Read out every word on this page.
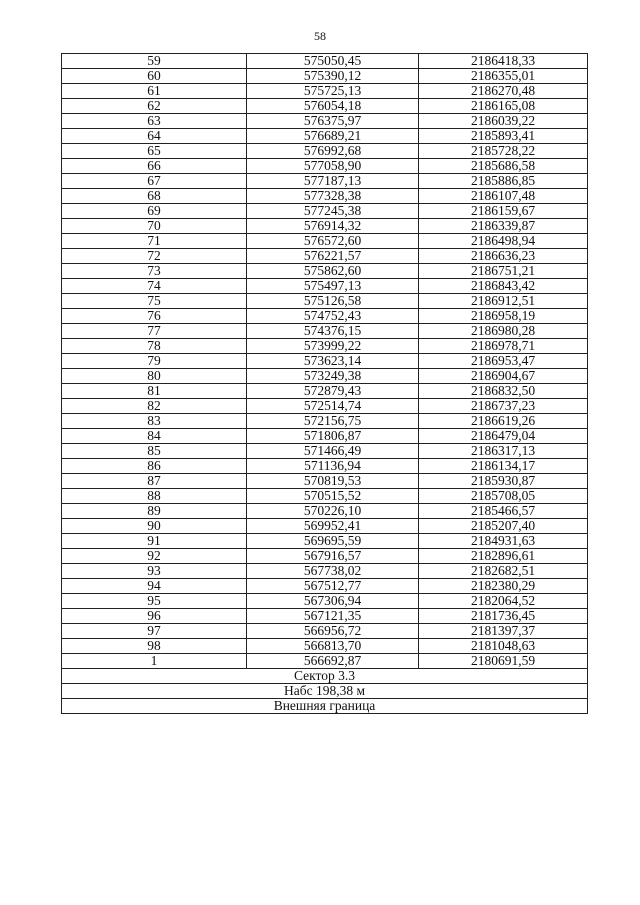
58
59	575050,45	2186418,33
60	575390,12	2186355,01
61	575725,13	2186270,48
62	576054,18	2186165,08
63	576375,97	2186039,22
64	576689,21	2185893,41
65	576992,68	2185728,22
66	577058,90	2185686,58
67	577187,13	2185886,85
68	577328,38	2186107,48
69	577245,38	2186159,67
70	576914,32	2186339,87
71	576572,60	2186498,94
72	576221,57	2186636,23
73	575862,60	2186751,21
74	575497,13	2186843,42
75	575126,58	2186912,51
76	574752,43	2186958,19
77	574376,15	2186980,28
78	573999,22	2186978,71
79	573623,14	2186953,47
80	573249,38	2186904,67
81	572879,43	2186832,50
82	572514,74	2186737,23
83	572156,75	2186619,26
84	571806,87	2186479,04
85	571466,49	2186317,13
86	571136,94	2186134,17
87	570819,53	2185930,87
88	570515,52	2185708,05
89	570226,10	2185466,57
90	569952,41	2185207,40
91	569695,59	2184931,63
92	567916,57	2182896,61
93	567738,02	2182682,51
94	567512,77	2182380,29
95	567306,94	2182064,52
96	567121,35	2181736,45
97	566956,72	2181397,37
98	566813,70	2181048,63
1	566692,87	2180691,59
Сектор 3.3		
Набс 198,38 м		
Внешняя граница		
